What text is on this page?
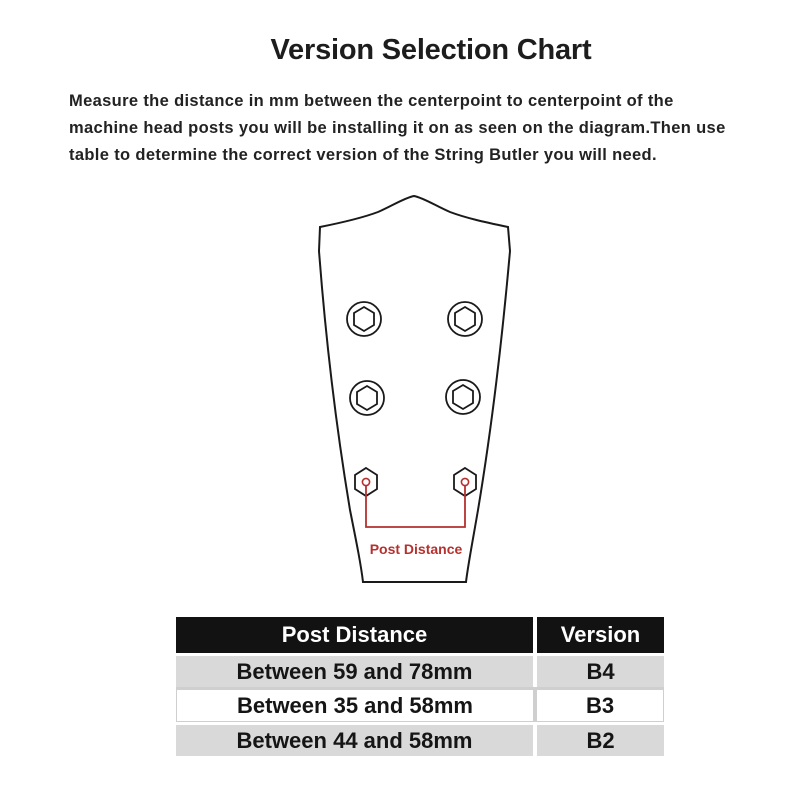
Version Selection Chart
Measure the distance in mm between the centerpoint to centerpoint of the
machine head posts you will be installing it on as seen on the diagram.Then use
table to determine the correct version of the String Butler you will need.
Post Distance
Post Distance	Version
Between 59 and 78mm	B4
Between 35 and 58mm	B3
Between 44 and 58mm	B2
